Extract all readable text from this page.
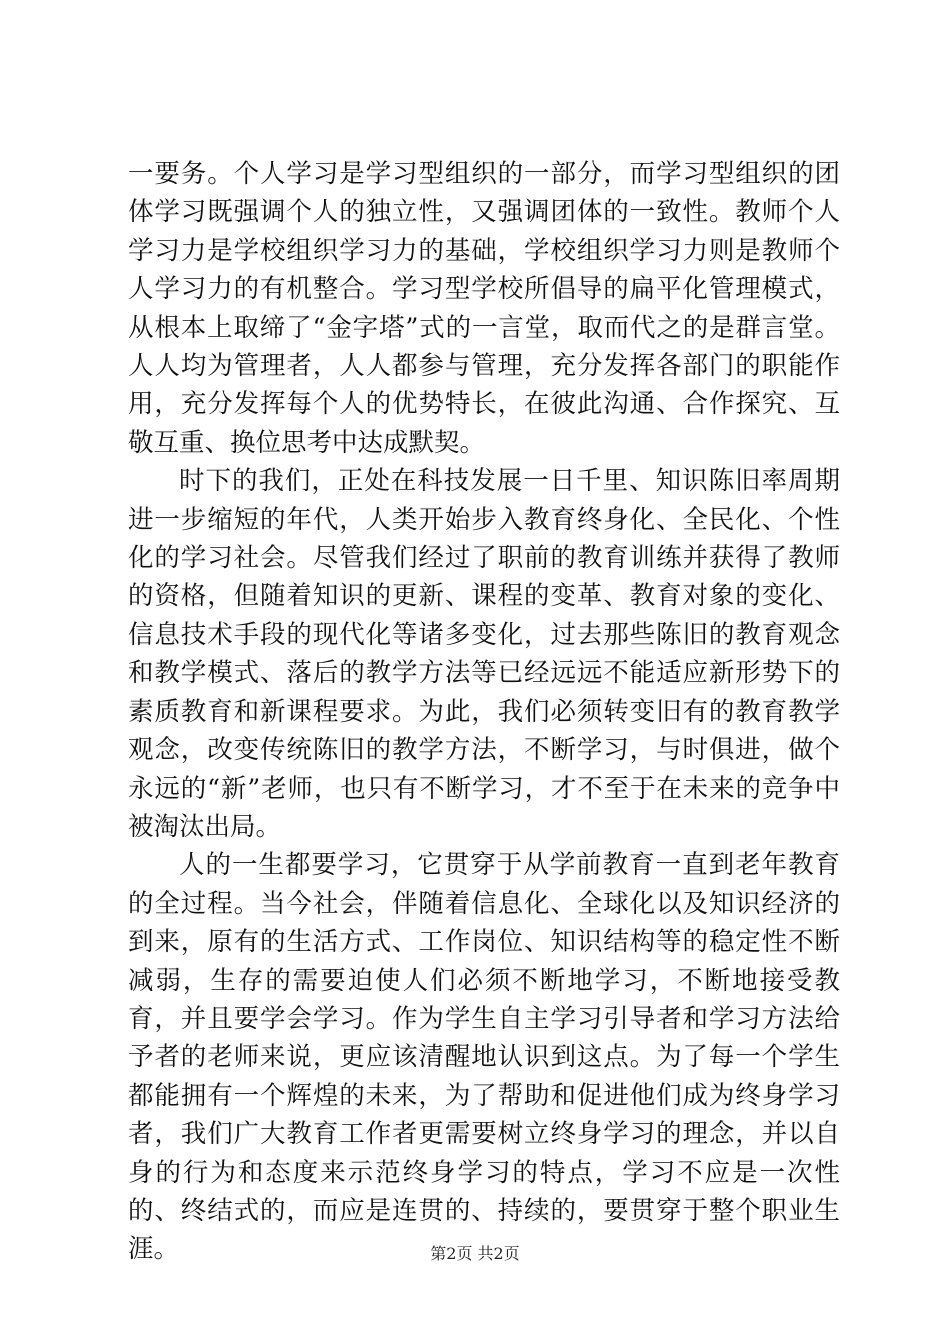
一要务。个人学习是学习型组织的一部分，而学习型组织的团体学习既强调个人的独立性，又强调团体的一致性。教师个人学习力是学校组织学习力的基础，学校组织学习力则是教师个人学习力的有机整合。学习型学校所倡导的扁平化管理模式，从根本上取缔了“金字塔”式的一言堂，取而代之的是群言堂。人人均为管理者，人人都参与管理，充分发挥各部门的职能作用，充分发挥每个人的优势特长，在彼此沟通、合作探究、互敬互重、换位思考中达成默契。

时下的我们，正处在科技发展一日千里、知识陈旧率周期进一步缩短的年代，人类开始步入教育终身化、全民化、个性化的学习社会。尽管我们经过了职前的教育训练并获得了教师的资格，但随着知识的更新、课程的变革、教育对象的变化、信息技术手段的现代化等诸多变化，过去那些陈旧的教育观念和教学模式、落后的教学方法等已经远远不能适应新形势下的素质教育和新课程要求。为此，我们必须转变旧有的教育教学观念，改变传统陈旧的教学方法，不断学习，与时俱进，做个永远的“新”老师，也只有不断学习，才不至于在未来的竞争中被淘汰出局。

人的一生都要学习，它贯穿于从学前教育一直到老年教育的全过程。当今社会，伴随着信息化、全球化以及知识经济的到来，原有的生活方式、工作岗位、知识结构等的稳定性不断减弱，生存的需要迫使人们必须不断地学习，不断地接受教育，并且要学会学习。作为学生自主学习引导者和学习方法给予者的老师来说，更应该清醒地认识到这点。为了每一个学生都能拥有一个辉煌的未来，为了帮助和促进他们成为终身学习者，我们广大教育工作者更需要树立终身学习的理念，并以自身的行为和态度来示范终身学习的特点，学习不应是一次性的、终结式的，而应是连贯的、持续的，要贯穿于整个职业生涯。	第2页 共2页
